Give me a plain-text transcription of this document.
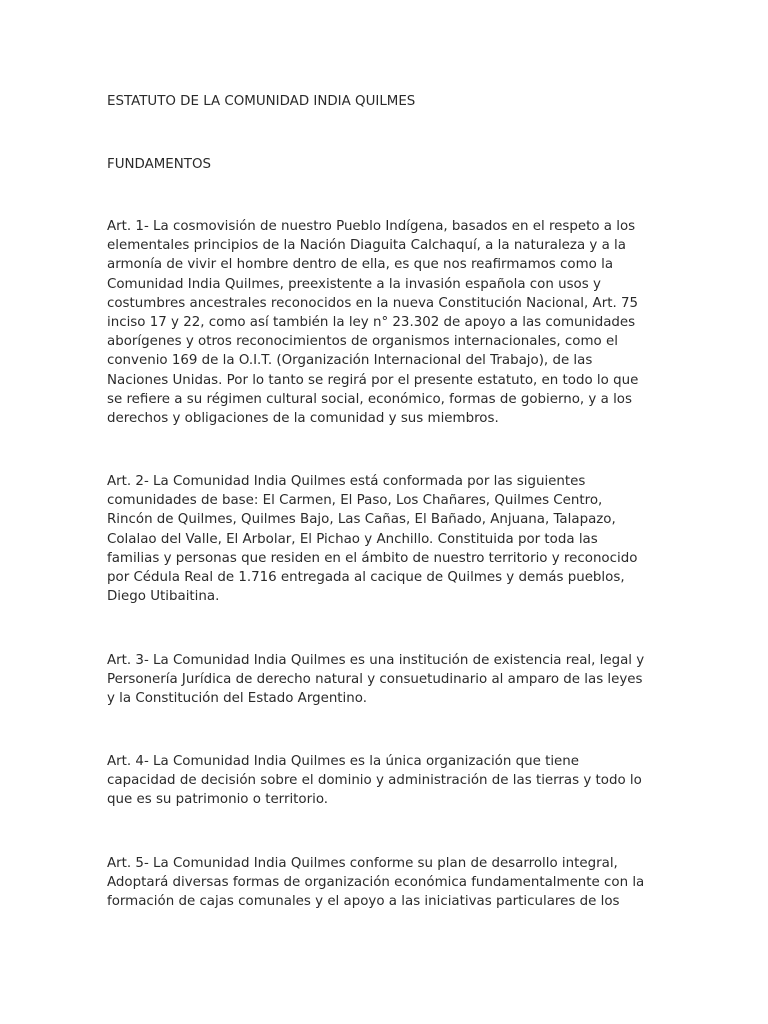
ESTATUTO DE LA COMUNIDAD INDIA QUILMES
FUNDAMENTOS

Art. 1- La cosmovisión de nuestro Pueblo Indígena, basados en el respeto a los
elementales principios de la Nación Diaguita Calchaquí, a la naturaleza y a la
armonía de vivir el hombre dentro de ella, es que nos reafirmamos como la
Comunidad India Quilmes, preexistente a la invasión española con usos y
costumbres ancestrales reconocidos en la nueva Constitución Nacional, Art. 75
inciso 17 y 22, como así también la ley n° 23.302 de apoyo a las comunidades
aborígenes y otros reconocimientos de organismos internacionales, como el
convenio 169 de la O.I.T. (Organización Internacional del Trabajo), de las
Naciones Unidas. Por lo tanto se regirá por el presente estatuto, en todo lo que
se refiere a su régimen cultural social, económico, formas de gobierno, y a los
derechos y obligaciones de la comunidad y sus miembros.

Art. 2- La Comunidad India Quilmes está conformada por las siguientes
comunidades de base: El Carmen, El Paso, Los Chañares, Quilmes Centro,
Rincón de Quilmes, Quilmes Bajo, Las Cañas, El Bañado, Anjuana, Talapazo,
Colalao del Valle, El Arbolar, El Pichao y Anchillo. Constituida por toda las
familias y personas que residen en el ámbito de nuestro territorio y reconocido
por Cédula Real de 1.716 entregada al cacique de Quilmes y demás pueblos,
Diego Utibaitina.

Art. 3- La Comunidad India Quilmes es una institución de existencia real, legal y
Personería Jurídica de derecho natural y consuetudinario al amparo de las leyes
y la Constitución del Estado Argentino.

Art. 4- La Comunidad India Quilmes es la única organización que tiene
capacidad de decisión sobre el dominio y administración de las tierras y todo lo
que es su patrimonio o territorio.

Art. 5- La Comunidad India Quilmes conforme su plan de desarrollo integral,
Adoptará diversas formas de organización económica fundamentalmente con la
formación de cajas comunales y el apoyo a las iniciativas particulares de los
